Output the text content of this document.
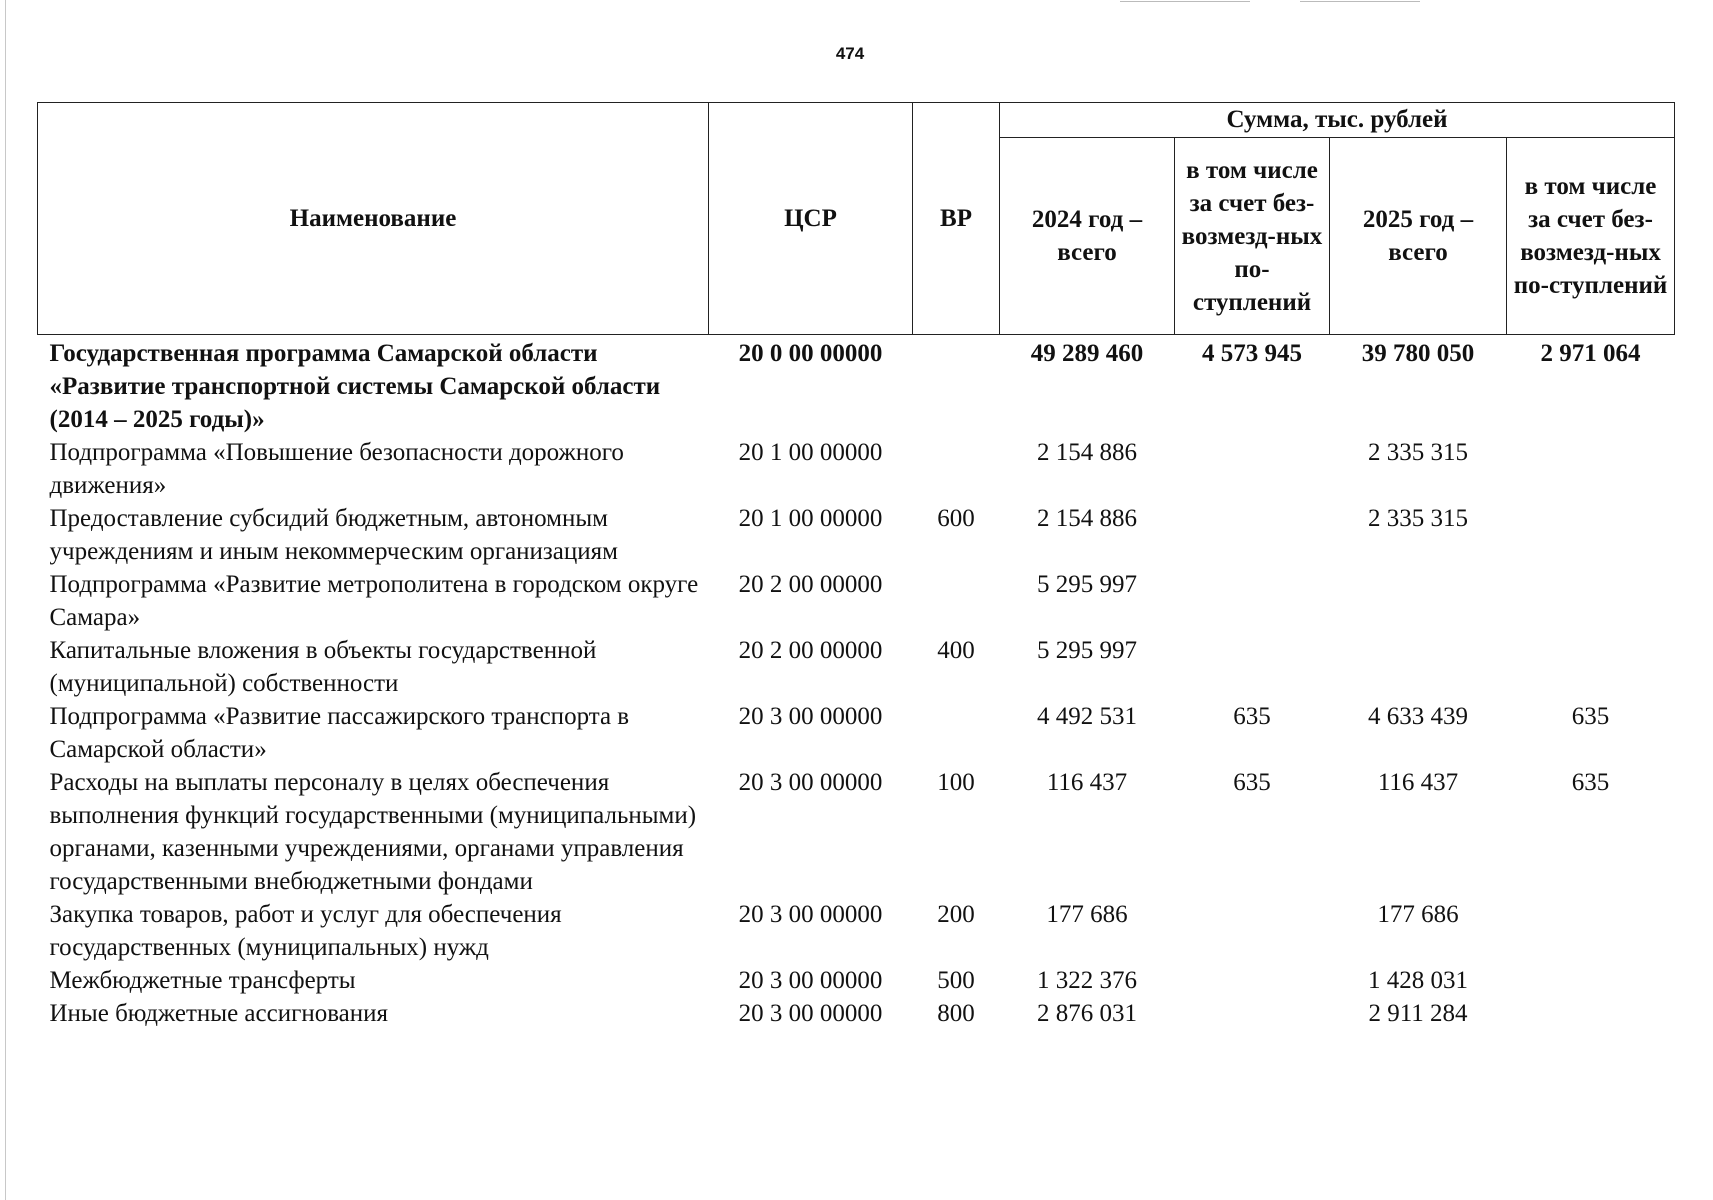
474
Наименование	ЦСР	ВР	Сумма, тыс. рублей			
			2024 год – всего	в том числе за счет без-возмезд-ных по-ступлений	2025 год – всего	в том числе за счет без-возмезд-ных по-ступлений
Государственная программа Самарской области «Развитие транспортной системы Самарской области (2014 – 2025 годы)»	20 0 00 00000		49 289 460	4 573 945	39 780 050	2 971 064
Подпрограмма «Повышение безопасности дорожного движения»	20 1 00 00000		2 154 886		2 335 315	
Предоставление субсидий бюджетным, автономным учреждениям и иным некоммерческим организациям	20 1 00 00000	600	2 154 886		2 335 315	
Подпрограмма «Развитие метрополитена в городском округе Самара»	20 2 00 00000		5 295 997			
Капитальные вложения в объекты государственной (муниципальной) собственности	20 2 00 00000	400	5 295 997			
Подпрограмма «Развитие пассажирского транспорта в Самарской области»	20 3 00 00000		4 492 531	635	4 633 439	635
Расходы на выплаты персоналу в целях обеспечения выполнения функций государственными (муниципальными) органами, казенными учреждениями, органами управления государственными внебюджетными фондами	20 3 00 00000	100	116 437	635	116 437	635
Закупка товаров, работ и услуг для обеспечения государственных (муниципальных) нужд	20 3 00 00000	200	177 686		177 686	
Межбюджетные трансферты	20 3 00 00000	500	1 322 376		1 428 031	
Иные бюджетные ассигнования	20 3 00 00000	800	2 876 031		2 911 284	
